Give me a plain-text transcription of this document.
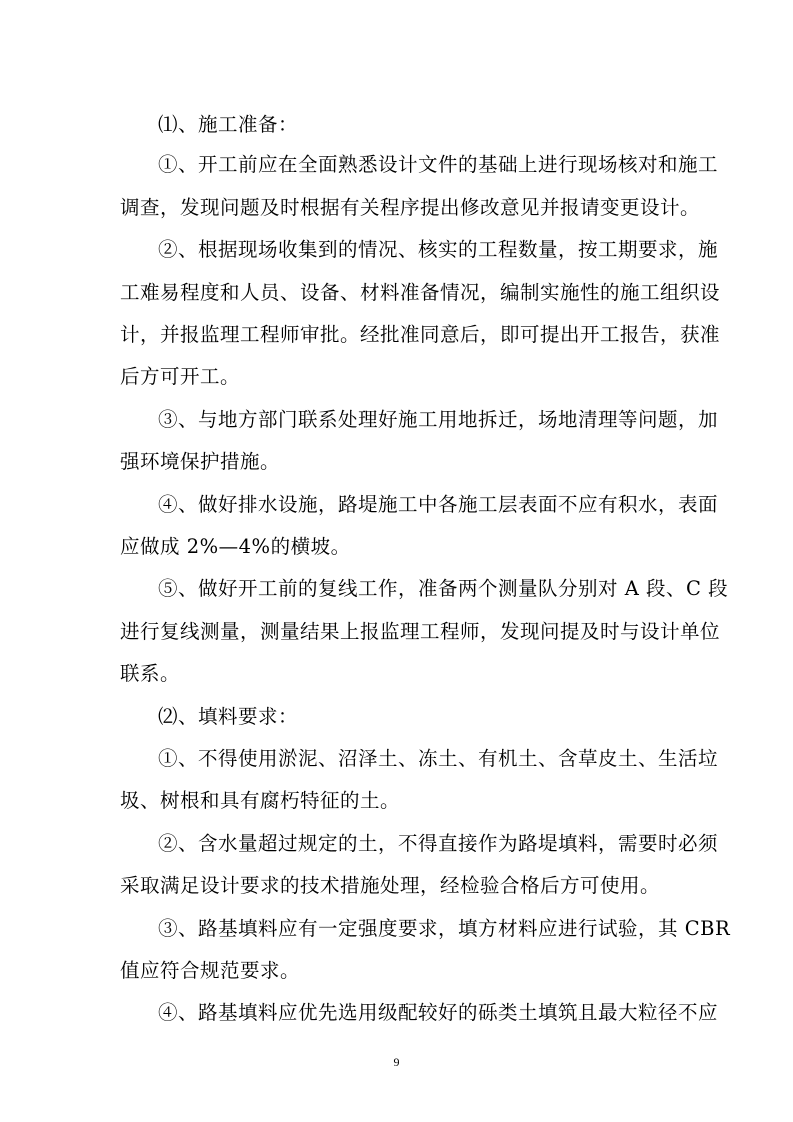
⑴、施工准备：
①、开工前应在全面熟悉设计文件的基础上进行现场核对和施工
调查，发现问题及时根据有关程序提出修改意见并报请变更设计。
②、根据现场收集到的情况、核实的工程数量，按工期要求，施
工难易程度和人员、设备、材料准备情况，编制实施性的施工组织设
计，并报监理工程师审批。经批准同意后，即可提出开工报告，获准
后方可开工。
③、与地方部门联系处理好施工用地拆迁，场地清理等问题，加
强环境保护措施。
④、做好排水设施，路堤施工中各施工层表面不应有积水，表面
应做成 2%—4%的横坡。
⑤、做好开工前的复线工作，准备两个测量队分别对 A 段、C 段
进行复线测量，测量结果上报监理工程师，发现问提及时与设计单位
联系。
⑵、填料要求：
①、不得使用淤泥、沼泽土、冻土、有机土、含草皮土、生活垃
圾、树根和具有腐朽特征的土。
②、含水量超过规定的土，不得直接作为路堤填料，需要时必须
采取满足设计要求的技术措施处理，经检验合格后方可使用。
③、路基填料应有一定强度要求，填方材料应进行试验，其 CBR
值应符合规范要求。
④、路基填料应优先选用级配较好的砾类土填筑且最大粒径不应
9
